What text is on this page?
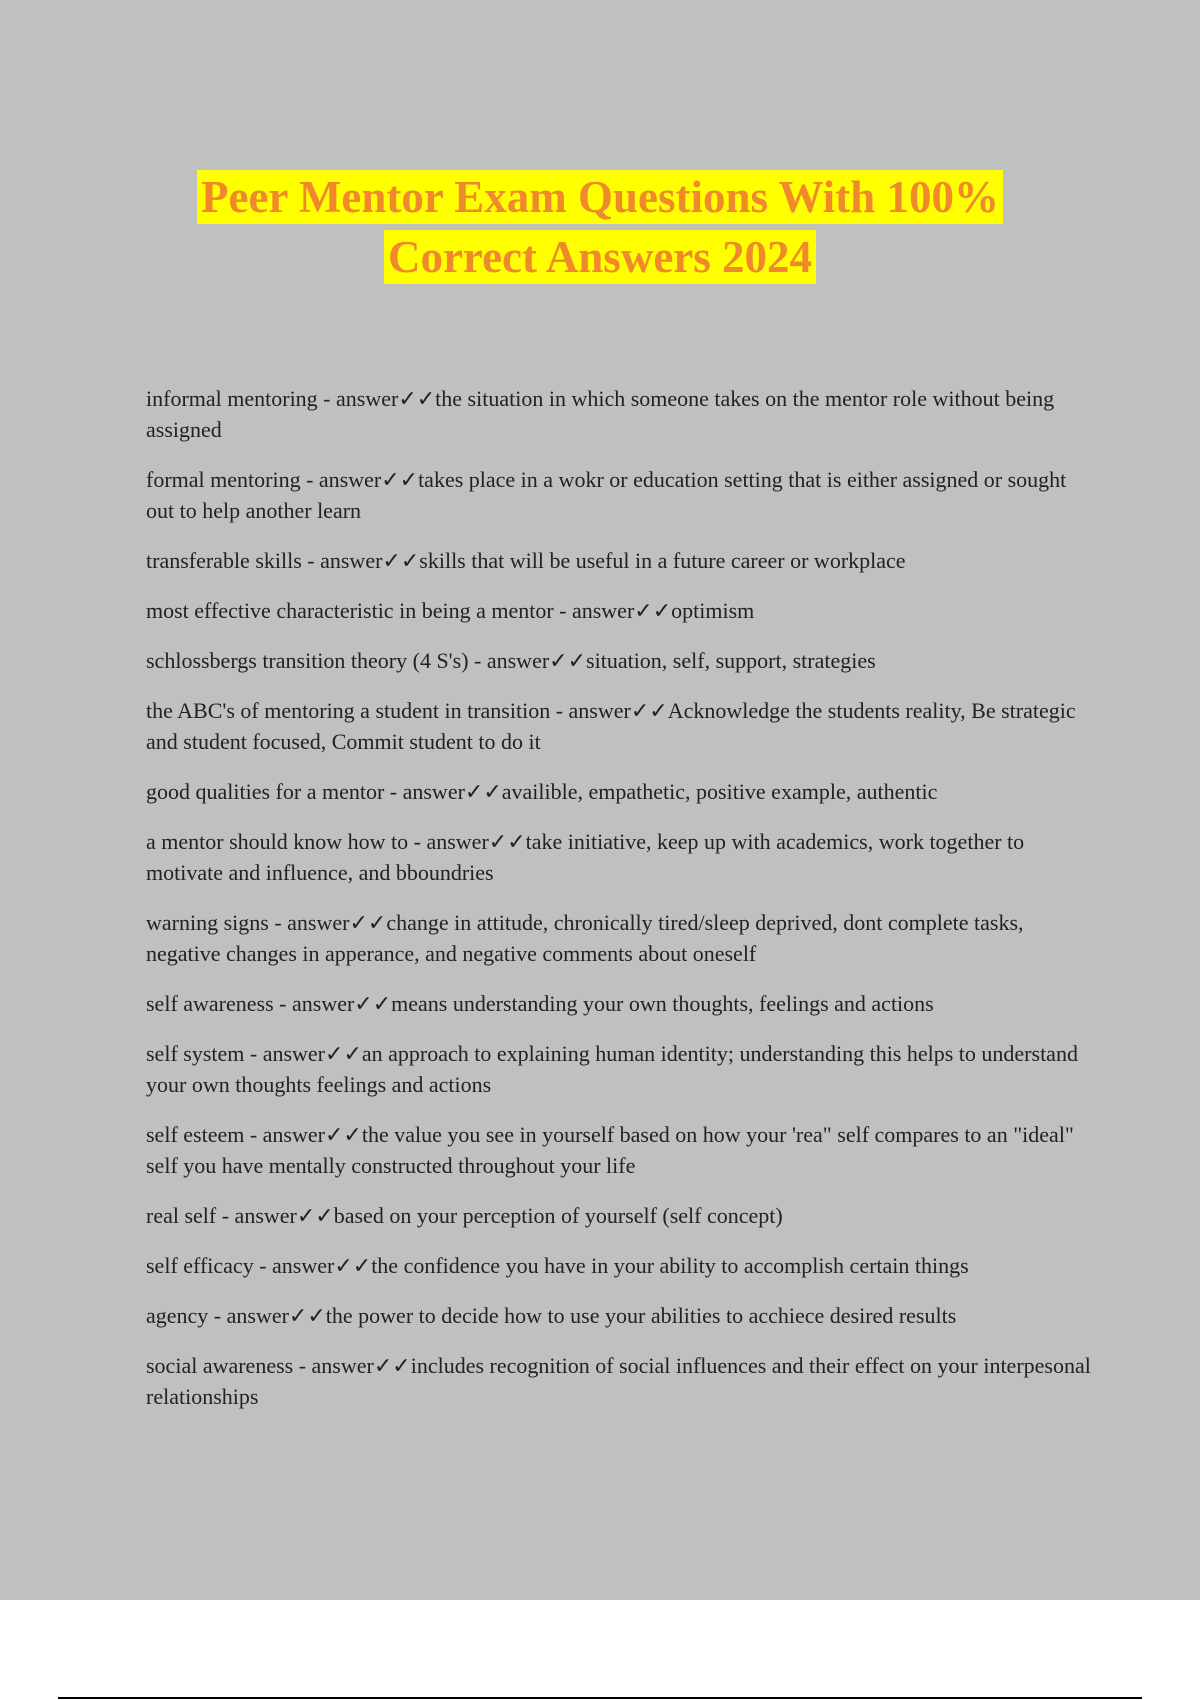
Peer Mentor Exam Questions With 100%
Correct Answers 2024
informal mentoring - answer✓✓the situation in which someone takes on the mentor role without being assigned
formal mentoring - answer✓✓takes place in a wokr or education setting that is either assigned or sought out to help another learn
transferable skills - answer✓✓skills that will be useful in a future career or workplace
most effective characteristic in being a mentor - answer✓✓optimism
schlossbergs transition theory (4 S's) - answer✓✓situation, self, support, strategies
the ABC's of mentoring a student in transition - answer✓✓Acknowledge the students reality, Be strategic and student focused, Commit student to do it
good qualities for a mentor - answer✓✓availible, empathetic, positive example, authentic
a mentor should know how to - answer✓✓take initiative, keep up with academics, work together to motivate and influence, and bboundries
warning signs - answer✓✓change in attitude, chronically tired/sleep deprived, dont complete tasks, negative changes in apperance, and negative comments about oneself
self awareness - answer✓✓means understanding your own thoughts, feelings and actions
self system - answer✓✓an approach to explaining human identity; understanding this helps to understand your own thoughts feelings and actions
self esteem - answer✓✓the value you see in yourself based on how your 'rea" self compares to an "ideal" self you have mentally constructed throughout your life
real self - answer✓✓based on your perception of yourself (self concept)
self efficacy - answer✓✓the confidence you have in your ability to accomplish certain things
agency - answer✓✓the power to decide how to use your abilities to acchiece desired results
social awareness - answer✓✓includes recognition of social influences and their effect on your interpesonal relationships
